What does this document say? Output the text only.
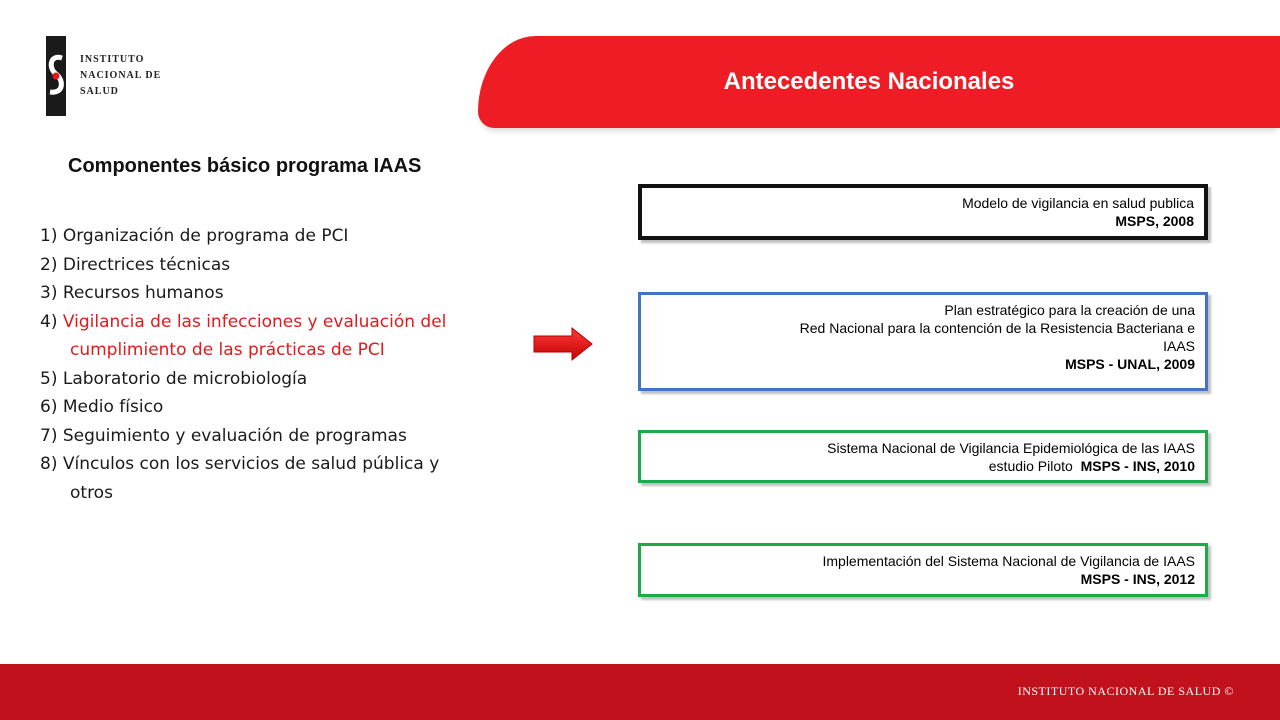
INSTITUTO
NACIONAL DE
SALUD	Antecedentes Nacionales
Componentes básico programa IAAS
1) Organización de programa de PCI
2) Directrices técnicas
3) Recursos humanos
4) Vigilancia de las infecciones y evaluación del
cumplimiento de las prácticas de PCI
5) Laboratorio de microbiología
6) Medio físico
7) Seguimiento y evaluación de programas
8) Vínculos con los servicios de salud pública y
otros
Modelo de vigilancia en salud publica
MSPS, 2008
Plan estratégico para la creación de una
Red Nacional para la contención de la Resistencia Bacteriana e
IAAS
MSPS - UNAL, 2009
Sistema Nacional de Vigilancia Epidemiológica de las IAAS
estudio Piloto MSPS - INS, 2010
Implementación del Sistema Nacional de Vigilancia de IAAS
MSPS - INS, 2012
INSTITUTO NACIONAL DE SALUD ©
